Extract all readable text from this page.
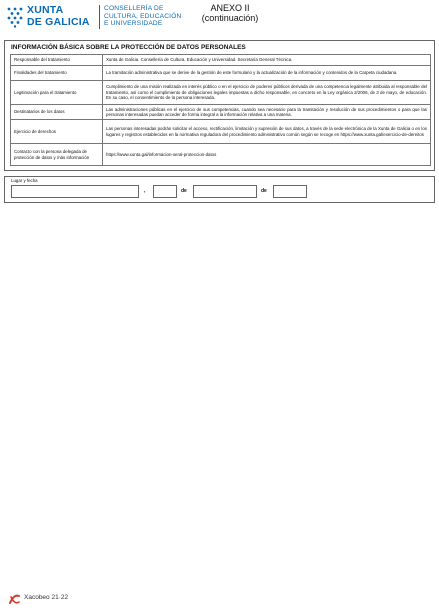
XUNTA
DE GALICIA
CONSELLERÍA DE
CULTURA, EDUCACIÓN
E UNIVERSIDADE
ANEXO II
(continuación)
INFORMACIÓN BÁSICA SOBRE LA PROTECCIÓN DE DATOS PERSONALES
Responsable del tratamiento	Xunta de Galicia. Consellería de Cultura, Educación y Universidad. Secretaría General Técnica.
Finalidades del tratamiento	La tramitación administrativa que se derive de la gestión de este formulario y la actualización de la información y contenidos de la Carpeta ciudadana.
Legitimación para el tratamiento	Cumplimiento de una misión realizada en interés público o en el ejercicio de poderes públicos derivada de una competencia legalmente atribuida al responsable del tratamiento, así como el cumplimiento de obligaciones legales impuestas a dicho responsable, en concreto en la Ley orgánica 2/2006, de 3 de mayo, de educación. En su caso, el consentimiento de la persona interesada.
Destinatarios de los datos	Las administraciones públicas en el ejercicio de sus competencias, cuando sea necesario para la tramitación y resolución de sus procedimientos o para que las personas interesadas puedan acceder de forma integral a la información relativa a una materia.
Ejercicio de derechos	Las personas interesadas podrán solicitar el acceso, rectificación, limitación y supresión de sus datos, a través de la sede electrónica de la Xunta de Galicia o en los lugares y registros establecidos en la normativa reguladora del procedimiento administrativo común según se recoge en https://www.xunta.gal/exercicio-de-dereitos
Contacto con la persona delegada de protección de datos y más información	https://www.xunta.gal/informacion-xeral-proteccion-datos
Lugar y fecha
,	de	de
Xacobeo 21·22
